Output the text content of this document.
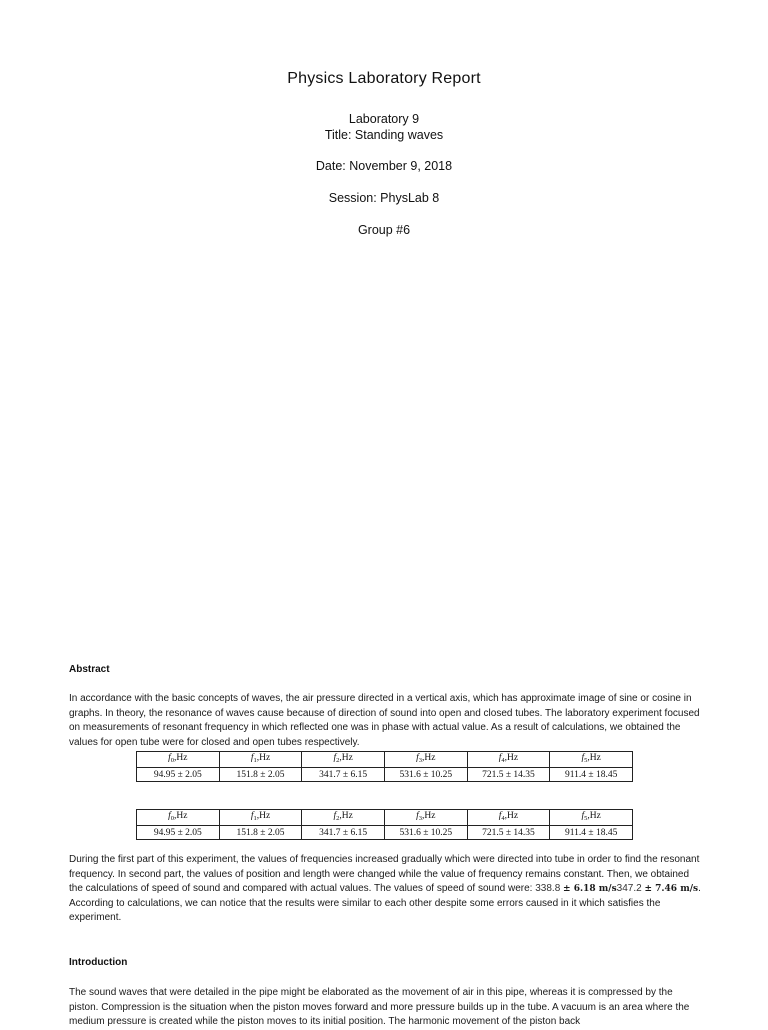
Physics Laboratory Report
Laboratory 9
Title: Standing waves
Date: November 9, 2018
Session: PhysLab 8
Group #6
Abstract
In accordance with the basic concepts of waves, the air pressure directed in a vertical axis, which has approximate image of sine or cosine in graphs. In theory, the resonance of waves cause because of direction of sound into open and closed tubes. The laboratory experiment focused on measurements of resonant frequency in which reflected one was in phase with actual value. As a result of calculations, we obtained the values for open tube were for closed and open tubes respectively.
$f_0,Hz$	$f_1,Hz$	$f_2,Hz$	$f_3,Hz$	$f_4,Hz$	$f_5,Hz$
94.95 ± 2.05	151.8 ± 2.05	341.7 ± 6.15	531.6 ± 10.25	721.5 ± 14.35	911.4 ± 18.45
$f_0,Hz$	$f_1,Hz$	$f_2,Hz$	$f_3,Hz$	$f_4,Hz$	$f_5,Hz$
94.95 ± 2.05	151.8 ± 2.05	341.7 ± 6.15	531.6 ± 10.25	721.5 ± 14.35	911.4 ± 18.45
During the first part of this experiment, the values of frequencies increased gradually which were directed into tube in order to find the resonant frequency. In second part, the values of position and length were changed while the value of frequency remains constant. Then, we obtained the calculations of speed of sound and compared with actual values. The values of speed of sound were: 338.8 ± 6.18 m/s347.2 ± 7.46 m/s. According to calculations, we can notice that the results were similar to each other despite some errors caused in it which satisfies the experiment.
Introduction
The sound waves that were detailed in the pipe might be elaborated as the movement of air in this pipe, whereas it is compressed by the piston. Compression is the situation when the piston moves forward and more pressure builds up in the tube. A vacuum is an area where the medium pressure is created while the piston moves to its initial position. The harmonic movement of the piston back
